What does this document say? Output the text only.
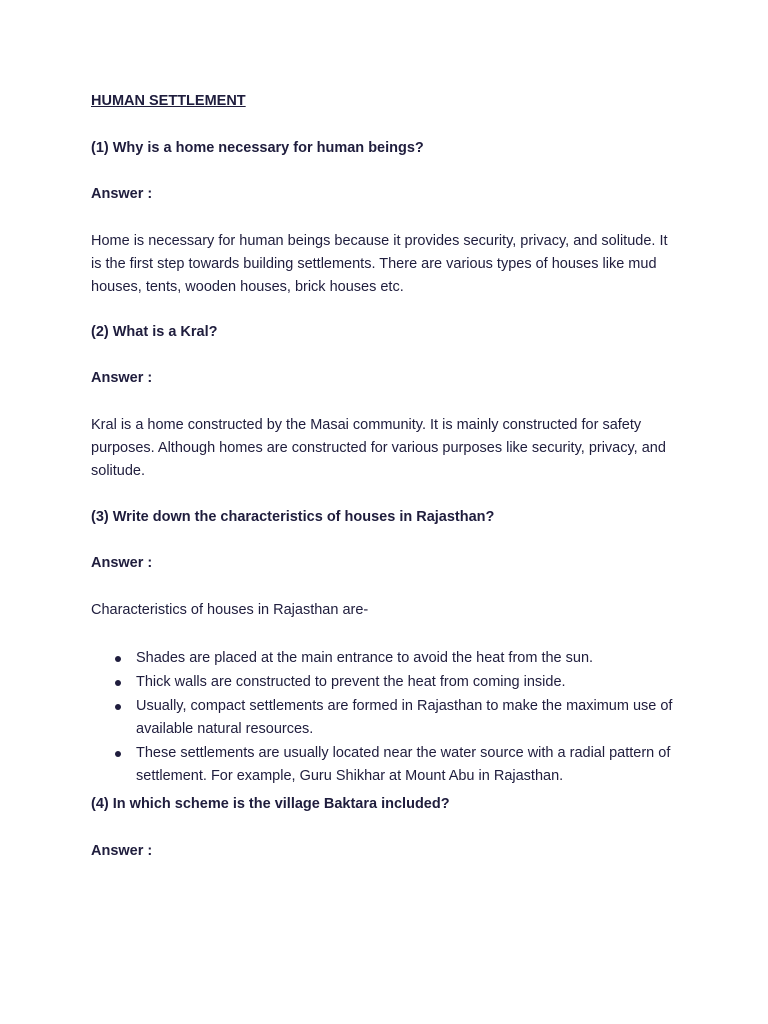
HUMAN SETTLEMENT
(1) Why is a home necessary for human beings?
Answer :
Home is necessary for human beings because it provides security, privacy, and solitude. It is the first step towards building settlements. There are various types of houses like mud houses, tents, wooden houses, brick houses etc.
(2) What is a Kral?
Answer :
Kral is a home constructed by the Masai community. It is mainly constructed for safety purposes. Although homes are constructed for various purposes like security, privacy, and solitude.
(3) Write down the characteristics of houses in Rajasthan?
Answer :
Characteristics of houses in Rajasthan are-
Shades are placed at the main entrance to avoid the heat from the sun.
Thick walls are constructed to prevent the heat from coming inside.
Usually, compact settlements are formed in Rajasthan to make the maximum use of available natural resources.
These settlements are usually located near the water source with a radial pattern of settlement. For example, Guru Shikhar at Mount Abu in Rajasthan.
(4) In which scheme is the village Baktara included?
Answer :
